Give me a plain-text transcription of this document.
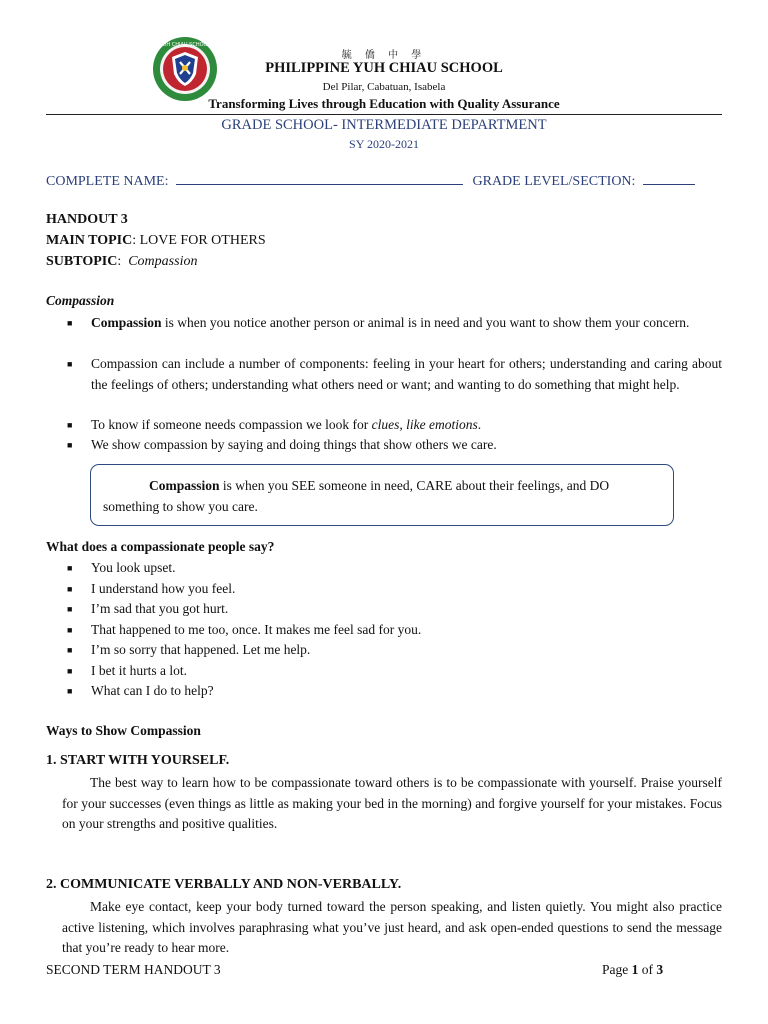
YUH CHIAU SCHOOL
毓 僑 中 學
PHILIPPINE YUH CHIAU SCHOOL
Del Pilar, Cabatuan, Isabela
Transforming Lives through Education with Quality Assurance
GRADE SCHOOL- INTERMEDIATE DEPARTMENT
SY 2020-2021
COMPLETE NAME:	GRADE LEVEL/SECTION:
HANDOUT 3
MAIN TOPIC: LOVE FOR OTHERS
SUBTOPIC:  Compassion
Compassion
■ Compassion is when you notice another person or animal is in need and you want to show them your concern.
■ Compassion can include a number of components: feeling in your heart for others; understanding and caring about the feelings of others; understanding what others need or want; and wanting to do something that might help.
■ To know if someone needs compassion we look for clues, like emotions.
■ We show compassion by saying and doing things that show others we care.
Compassion is when you SEE someone in need, CARE about their feelings, and DO something to show you care.
What does a compassionate people say?
■ You look upset.
■ I understand how you feel.
■ I’m sad that you got hurt.
■ That happened to me too, once. It makes me feel sad for you.
■ I’m so sorry that happened. Let me help.
■ I bet it hurts a lot.
■ What can I do to help?
Ways to Show Compassion
1. START WITH YOURSELF.
The best way to learn how to be compassionate toward others is to be compassionate with yourself. Praise yourself for your successes (even things as little as making your bed in the morning) and forgive yourself for your mistakes. Focus on your strengths and positive qualities.
2. COMMUNICATE VERBALLY AND NON-VERBALLY.
Make eye contact, keep your body turned toward the person speaking, and listen quietly. You might also practice active listening, which involves paraphrasing what you’ve just heard, and ask open-ended questions to send the message that you’re ready to hear more.
SECOND TERM HANDOUT 3	Page 1 of 3
